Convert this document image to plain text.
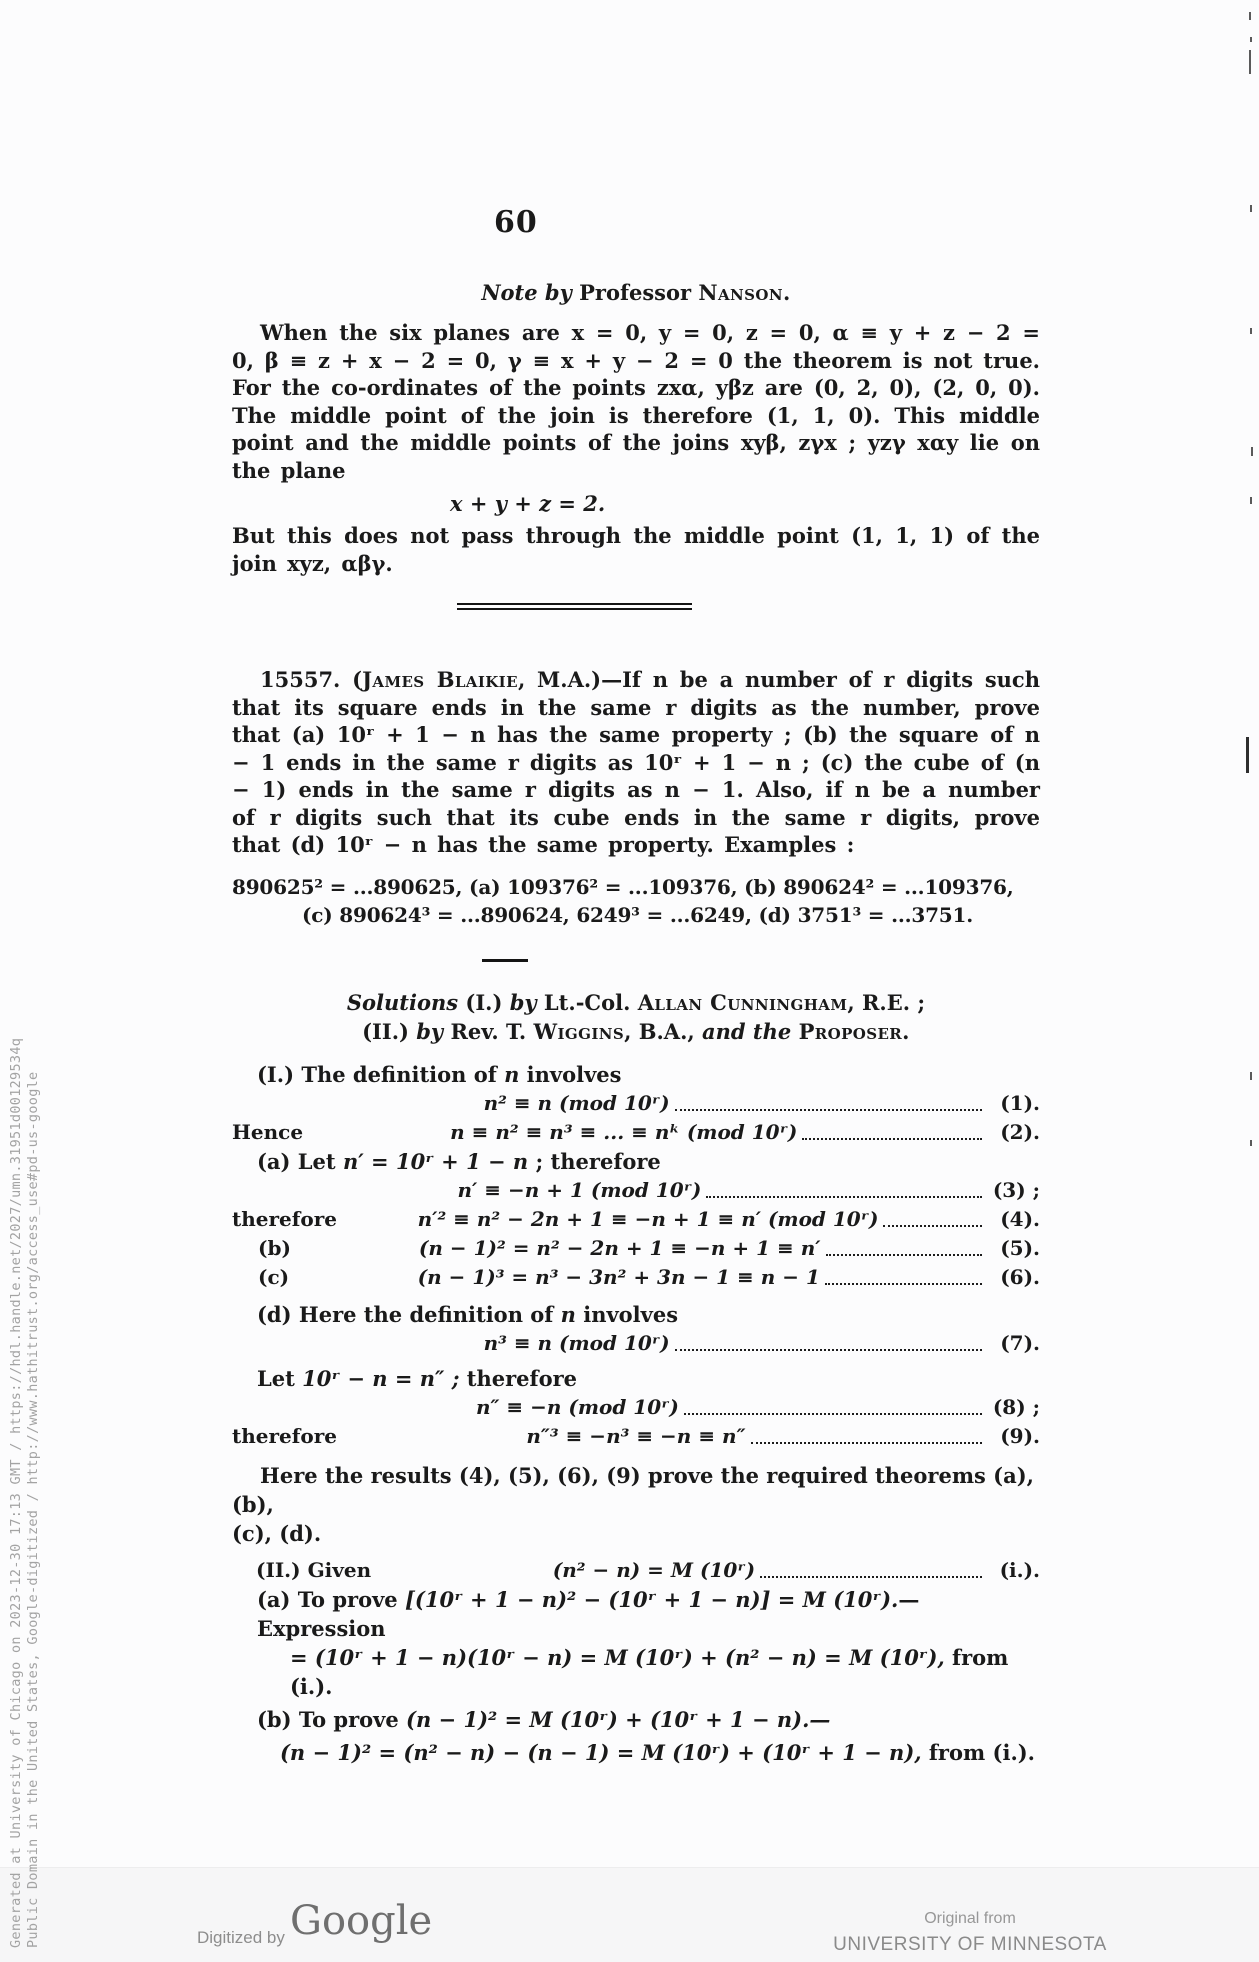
60
Note by Professor Nanson.

When the six planes are x = 0, y = 0, z = 0, α ≡ y + z − 2 = 0, β ≡ z + x − 2 = 0, γ ≡ x + y − 2 = 0 the theorem is not true. For the co-ordinates of the points zxα, yβz are (0, 2, 0), (2, 0, 0). The middle point of the join is therefore (1, 1, 0). This middle point and the middle points of the joins xyβ, zγx ; yzγ xαy lie on the plane

x + y + z = 2.

But this does not pass through the middle point (1, 1, 1) of the join xyz, αβγ.

15557. (James Blaikie, M.A.)—If n be a number of r digits such that its square ends in the same r digits as the number, prove that (a) 10ʳ + 1 − n has the same property ; (b) the square of n − 1 ends in the same r digits as 10ʳ + 1 − n ; (c) the cube of (n − 1) ends in the same r digits as n − 1. Also, if n be a number of r digits such that its cube ends in the same r digits, prove that (d) 10ʳ − n has the same property. Examples :

890625² = ...890625, (a) 109376² = ...109376, (b) 890624² = ...109376,
(c) 890624³ = ...890624, 6249³ = ...6249, (d) 3751³ = ...3751.

Solutions (I.) by Lt.-Col. Allan Cunningham, R.E. ;

(II.) by Rev. T. Wiggins, B.A., and the Proposer.

(I.) The definition of n involves

n² ≡ n (mod 10ʳ)	(1).
Hence	n ≡ n² ≡ n³ ≡ ... ≡ nᵏ (mod 10ʳ)	(2).

(a) Let n′ = 10ʳ + 1 − n ; therefore

n′ ≡ −n + 1 (mod 10ʳ)	(3) ;
therefore	n′² ≡ n² − 2n + 1 ≡ −n + 1 ≡ n′ (mod 10ʳ)	(4).
(b)	(n − 1)² = n² − 2n + 1 ≡ −n + 1 ≡ n′	(5).
(c)	(n − 1)³ = n³ − 3n² + 3n − 1 ≡ n − 1	(6).

(d) Here the definition of n involves

n³ ≡ n (mod 10ʳ)	(7).

Let 10ʳ − n = n″ ; therefore

n″ ≡ −n (mod 10ʳ)	(8) ;
therefore	n″³ ≡ −n³ ≡ −n ≡ n″	(9).

Here the results (4), (5), (6), (9) prove the required theorems (a), (b),

(c), (d).

(II.) Given	(n² − n) = M (10ʳ)	(i.).

(a) To prove [(10ʳ + 1 − n)² − (10ʳ + 1 − n)] = M (10ʳ).—Expression

= (10ʳ + 1 − n)(10ʳ − n) = M (10ʳ) + (n² − n) = M (10ʳ), from (i.).

(b) To prove (n − 1)² = M (10ʳ) + (10ʳ + 1 − n).—

(n − 1)² = (n² − n) − (n − 1) = M (10ʳ) + (10ʳ + 1 − n), from (i.).

Generated at University of Chicago on 2023-12-30 17:13 GMT / https://hdl.handle.net/2027/umn.31951d00129534q Public Domain in the United States, Google-digitized / http://www.hathitrust.org/access_use#pd-us-google	Digitized by Google	Original from
UNIVERSITY OF MINNESOTA
